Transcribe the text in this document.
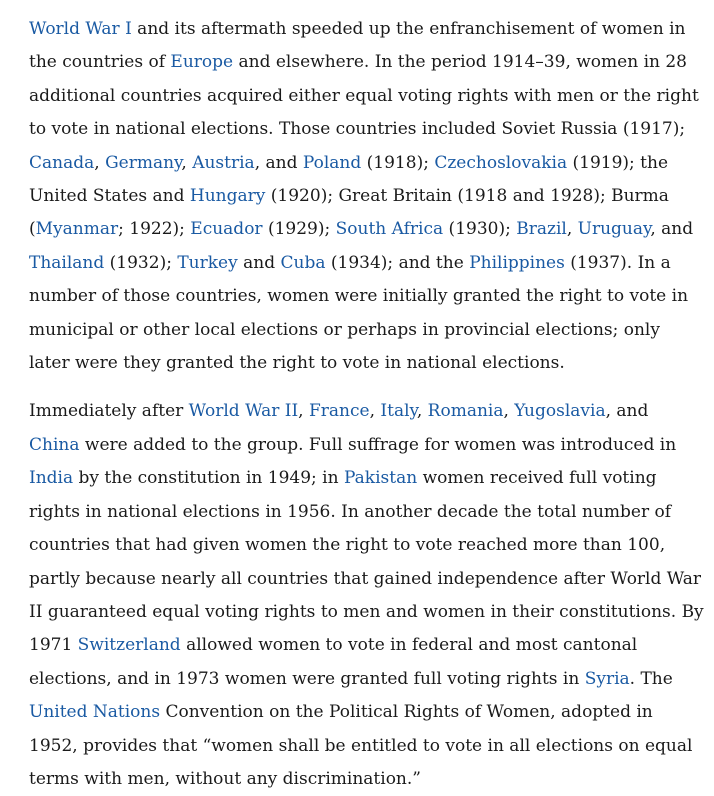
World War I and its aftermath speeded up the enfranchisement of women in the countries of Europe and elsewhere. In the period 1914–39, women in 28 additional countries acquired either equal voting rights with men or the right to vote in national elections. Those countries included Soviet Russia (1917); Canada, Germany, Austria, and Poland (1918); Czechoslovakia (1919); the United States and Hungary (1920); Great Britain (1918 and 1928); Burma (Myanmar; 1922); Ecuador (1929); South Africa (1930); Brazil, Uruguay, and Thailand (1932); Turkey and Cuba (1934); and the Philippines (1937). In a number of those countries, women were initially granted the right to vote in municipal or other local elections or perhaps in provincial elections; only later were they granted the right to vote in national elections.

Immediately after World War II, France, Italy, Romania, Yugoslavia, and China were added to the group. Full suffrage for women was introduced in India by the constitution in 1949; in Pakistan women received full voting rights in national elections in 1956. In another decade the total number of countries that had given women the right to vote reached more than 100, partly because nearly all countries that gained independence after World War II guaranteed equal voting rights to men and women in their constitutions. By 1971 Switzerland allowed women to vote in federal and most cantonal elections, and in 1973 women were granted full voting rights in Syria. The United Nations Convention on the Political Rights of Women, adopted in 1952, provides that “women shall be entitled to vote in all elections on equal terms with men, without any discrimination.”
